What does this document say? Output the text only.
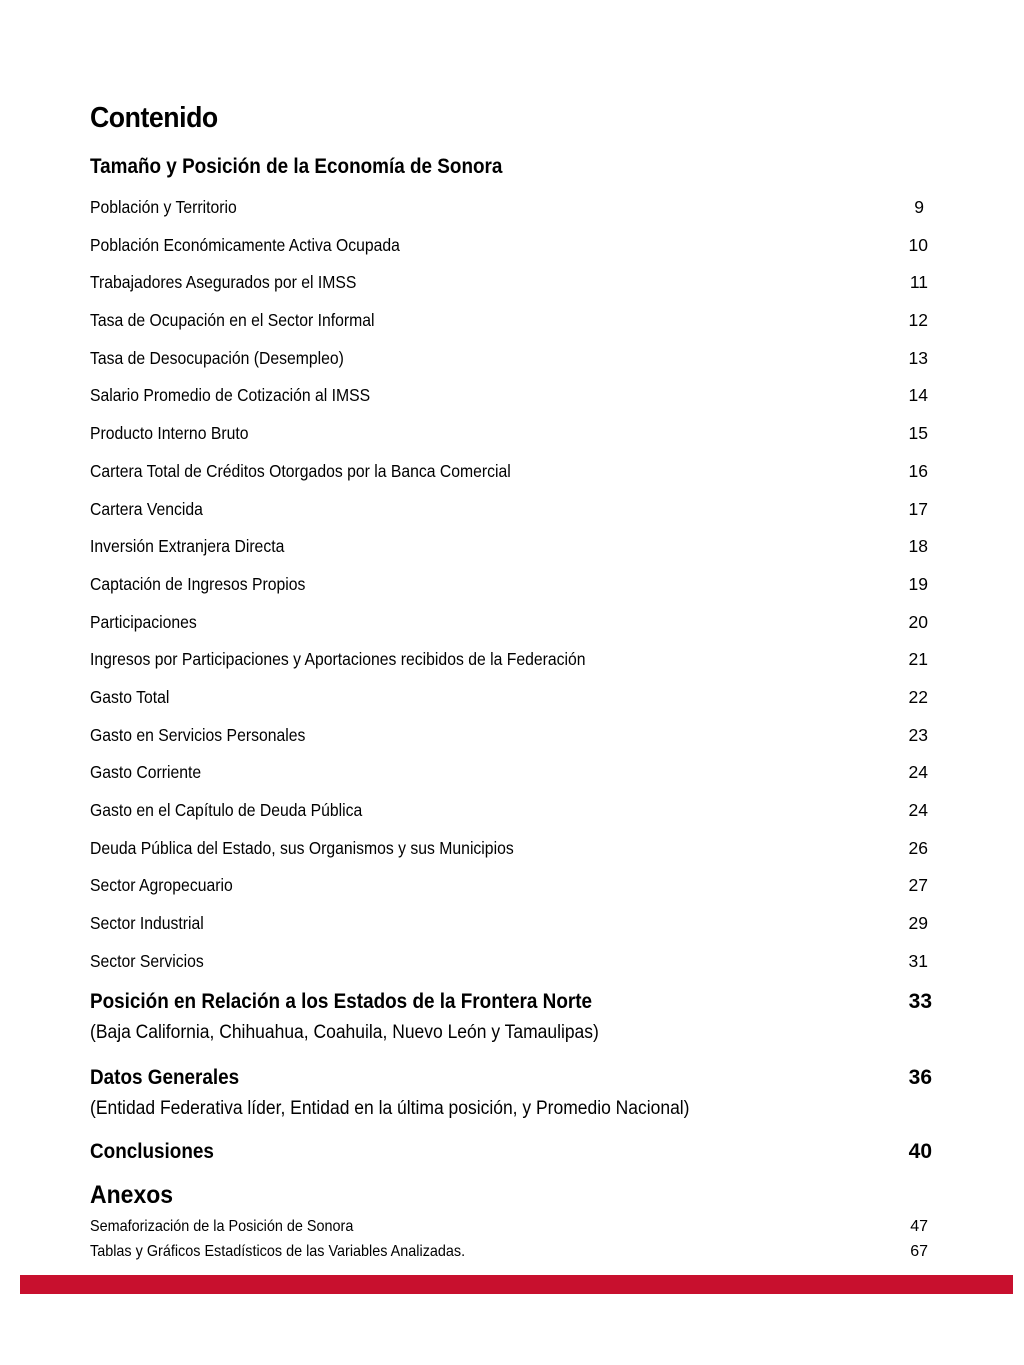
Contenido
Tamaño y Posición de la Economía de Sonora
Población y Territorio	9
Población Económicamente Activa Ocupada	10
Trabajadores Asegurados por el IMSS	11
Tasa de Ocupación en el Sector Informal	12
Tasa de Desocupación (Desempleo)	13
Salario Promedio de Cotización al IMSS	14
Producto Interno Bruto	15
Cartera Total de Créditos Otorgados por la Banca Comercial	16
Cartera Vencida	17
Inversión Extranjera Directa	18
Captación de Ingresos Propios	19
Participaciones	20
Ingresos por Participaciones y Aportaciones recibidos de la Federación	21
Gasto Total	22
Gasto en Servicios Personales	23
Gasto Corriente	24
Gasto en el Capítulo de Deuda Pública	24
Deuda Pública del Estado, sus Organismos y sus Municipios	26
Sector Agropecuario	27
Sector Industrial	29
Sector Servicios	31
Posición en Relación a los Estados de la Frontera Norte	33
(Baja California, Chihuahua, Coahuila, Nuevo León y Tamaulipas)
Datos Generales	36
(Entidad Federativa líder, Entidad en la última posición, y Promedio Nacional)
Conclusiones	40
Anexos
Semaforización de la Posición de Sonora	47
Tablas y Gráficos Estadísticos de las Variables Analizadas.	67
